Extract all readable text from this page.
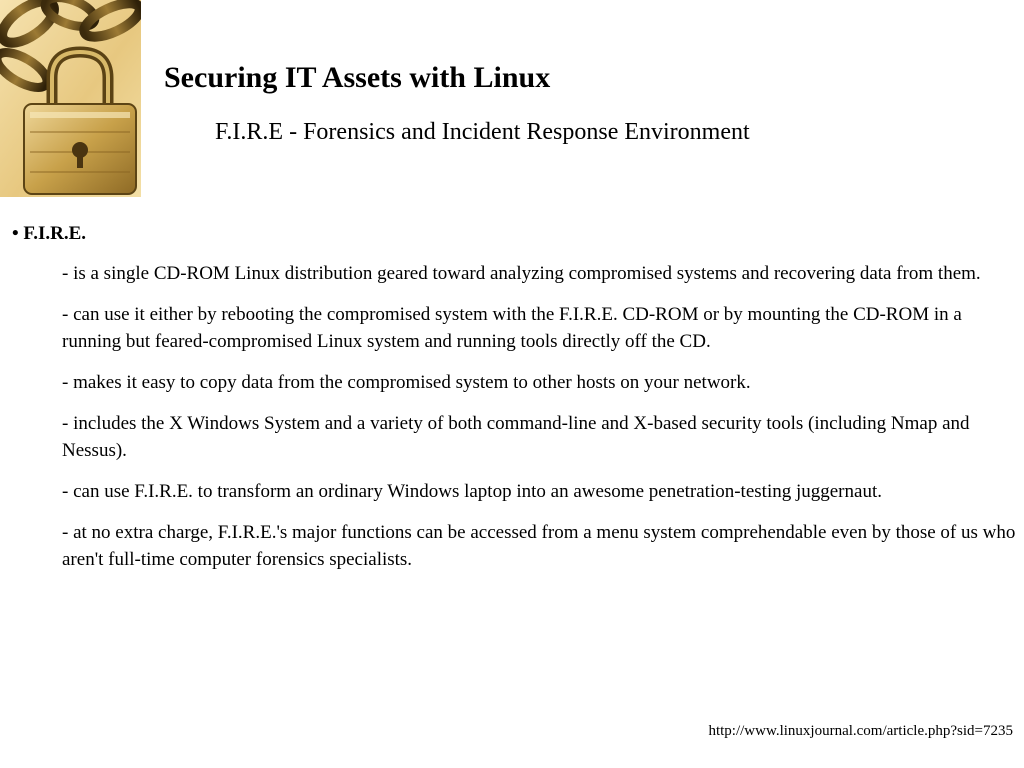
Securing IT Assets with Linux
F.I.R.E - Forensics and Incident Response Environment
• F.I.R.E.
- is a single CD-ROM Linux distribution geared toward analyzing compromised systems and recovering data from them.
- can use it either by rebooting the compromised system with the F.I.R.E. CD-ROM or by mounting the CD-ROM in a running but feared-compromised Linux system and running tools directly off the CD.
- makes it easy to copy data from the compromised system to other hosts on your network.
- includes the X Windows System and a variety of both command-line and X-based security tools (including Nmap and Nessus).
- can use F.I.R.E. to transform an ordinary Windows laptop into an awesome penetration-testing juggernaut.
- at no extra charge, F.I.R.E.'s major functions can be accessed from a menu system comprehendable even by those of us who aren't full-time computer forensics specialists.
http://www.linuxjournal.com/article.php?sid=7235
